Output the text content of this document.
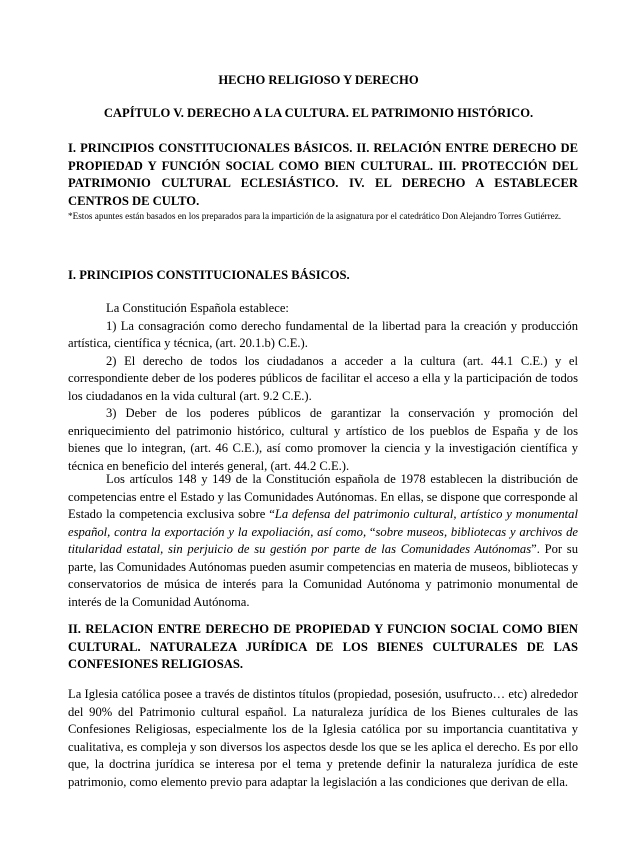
HECHO RELIGIOSO Y DERECHO
CAPÍTULO V. DERECHO A LA CULTURA. EL PATRIMONIO HISTÓRICO.

I. PRINCIPIOS CONSTITUCIONALES BÁSICOS. II. RELACIÓN ENTRE DERECHO DE PROPIEDAD Y FUNCIÓN SOCIAL COMO BIEN CULTURAL. III. PROTECCIÓN DEL PATRIMONIO CULTURAL ECLESIÁSTICO. IV. EL DERECHO A ESTABLECER CENTROS DE CULTO.

*Estos apuntes están basados en los preparados para la impartición de la asignatura por el catedrático Don Alejandro Torres Gutiérrez.

I. PRINCIPIOS CONSTITUCIONALES BÁSICOS.

La Constitución Española establece:

1) La consagración como derecho fundamental de la libertad para la creación y producción artística, científica y técnica, (art. 20.1.b) C.E.).

2) El derecho de todos los ciudadanos a acceder a la cultura (art. 44.1 C.E.) y el correspondiente deber de los poderes públicos de facilitar el acceso a ella y la participación de todos los ciudadanos en la vida cultural (art. 9.2 C.E.).

3) Deber de los poderes públicos de garantizar la conservación y promoción del enriquecimiento del patrimonio histórico, cultural y artístico de los pueblos de España y de los bienes que lo integran, (art. 46 C.E.), así como promover la ciencia y la investigación científica y técnica en beneficio del interés general, (art. 44.2 C.E.).

Los artículos 148 y 149 de la Constitución española de 1978 establecen la distribución de competencias entre el Estado y las Comunidades Autónomas. En ellas, se dispone que corresponde al Estado la competencia exclusiva sobre “La defensa del patrimonio cultural, artístico y monumental español, contra la exportación y la expoliación, así como, “sobre museos, bibliotecas y archivos de titularidad estatal, sin perjuicio de su gestión por parte de las Comunidades Autónomas”. Por su parte, las Comunidades Autónomas pueden asumir competencias en materia de museos, bibliotecas y conservatorios de música de interés para la Comunidad Autónoma y patrimonio monumental de interés de la Comunidad Autónoma.

II. RELACION ENTRE DERECHO DE PROPIEDAD Y FUNCION SOCIAL COMO BIEN CULTURAL. NATURALEZA JURÍDICA DE LOS BIENES CULTURALES DE LAS CONFESIONES RELIGIOSAS.

La Iglesia católica posee a través de distintos títulos (propiedad, posesión, usufructo… etc) alrededor del 90% del Patrimonio cultural español. La naturaleza jurídica de los Bienes culturales de las Confesiones Religiosas, especialmente los de la Iglesia católica por su importancia cuantitativa y cualitativa, es compleja y son diversos los aspectos desde los que se les aplica el derecho. Es por ello que, la doctrina jurídica se interesa por el tema y pretende definir la naturaleza jurídica de este patrimonio, como elemento previo para adaptar la legislación a las condiciones que derivan de ella.
